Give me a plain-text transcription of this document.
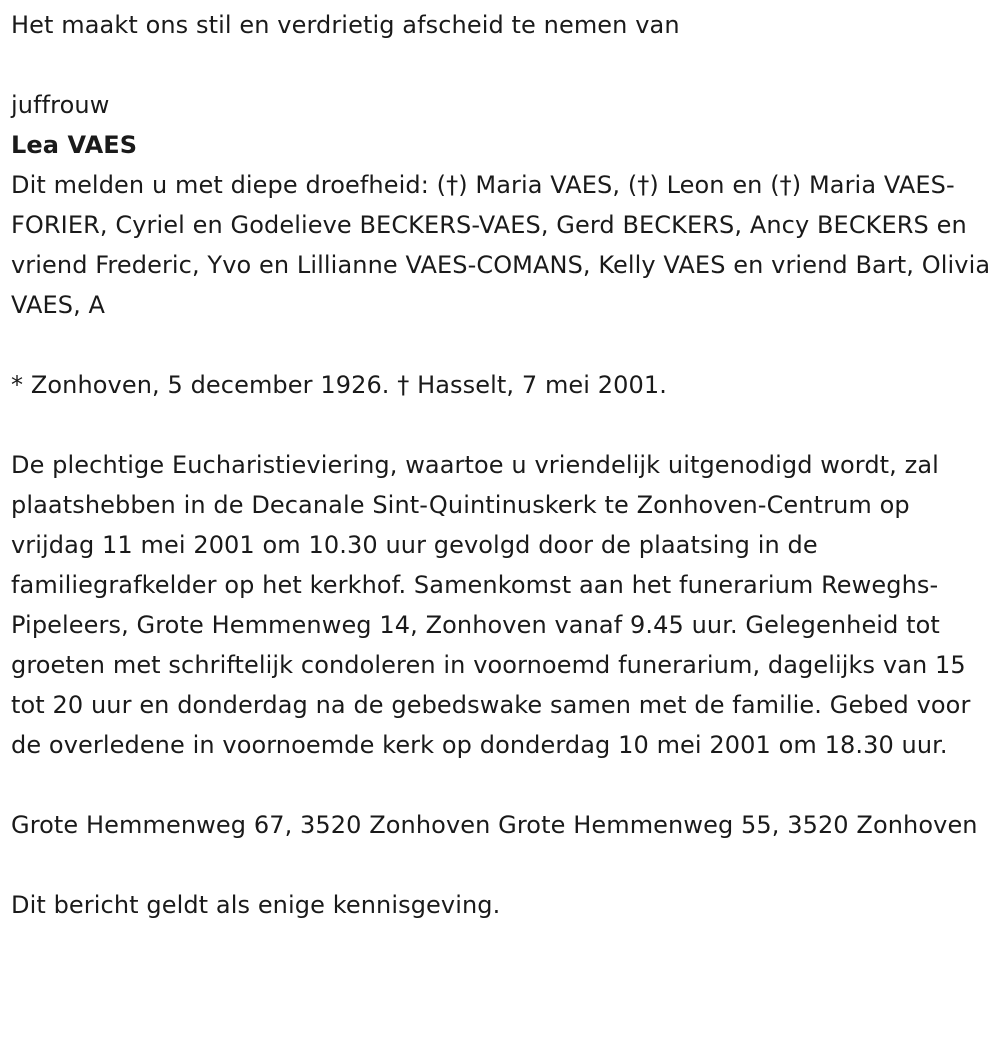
Het maakt ons stil en verdrietig afscheid te nemen van

juffrouw

Lea VAES

Dit melden u met diepe droefheid: (†) Maria VAES, (†) Leon en (†) Maria VAES-FORIER, Cyriel en Godelieve BECKERS-VAES, Gerd BECKERS, Ancy BECKERS en vriend Frederic, Yvo en Lillianne VAES-COMANS, Kelly VAES en vriend Bart, Olivia VAES, A

* Zonhoven, 5 december 1926. † Hasselt, 7 mei 2001.

De plechtige Eucharistieviering, waartoe u vriendelijk uitgenodigd wordt, zal plaatshebben in de Decanale Sint-Quintinuskerk te Zonhoven-Centrum op vrijdag 11 mei 2001 om 10.30 uur gevolgd door de plaatsing in de familiegrafkelder op het kerkhof. Samenkomst aan het funerarium Reweghs-Pipeleers, Grote Hemmenweg 14, Zonhoven vanaf 9.45 uur. Gelegenheid tot groeten met schriftelijk condoleren in voornoemd funerarium, dagelijks van 15 tot 20 uur en donderdag na de gebedswake samen met de familie. Gebed voor de overledene in voornoemde kerk op donderdag 10 mei 2001 om 18.30 uur.

Grote Hemmenweg 67, 3520 Zonhoven Grote Hemmenweg 55, 3520 Zonhoven

Dit bericht geldt als enige kennisgeving.
